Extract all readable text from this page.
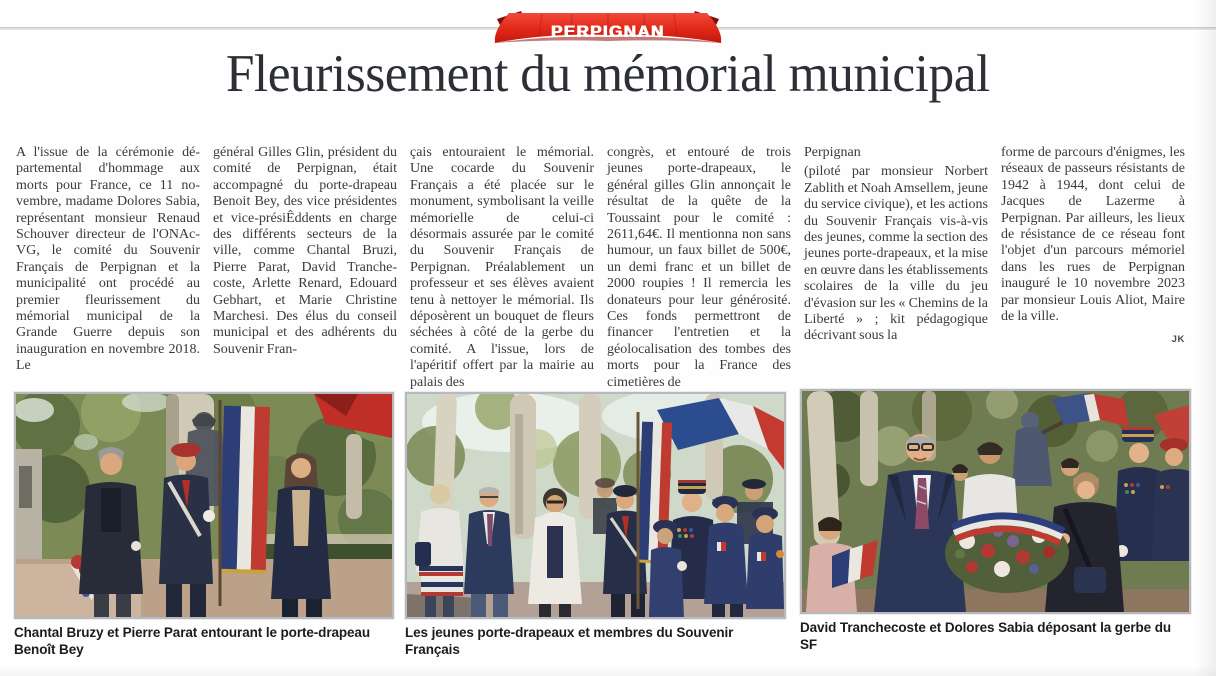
PERPIGNAN
Fleurissement du mémorial municipal

A l'issue de la cérémonie départemental d'hommage aux morts pour France, ce 11 novembre, madame Dolores Sabia, représentant monsieur Renaud Schouver directeur de l'ONAc-VG, le comité du Souvenir Français de Perpignan et la municipalité ont procédé au premier fleurissement du mémorial municipal de la Grande Guerre depuis son inauguration en novembre 2018. Le

général Gilles Glin, président du comité de Perpignan, était accompagné du porte-drapeau Benoit Bey, des vice présidentes et vice-présiÊddents en charge des différents secteurs de la ville, comme Chantal Bruzi, Pierre Parat, David Tranchecoste, Arlette Renard, Edouard Gebhart, et Marie Christine Marchesi. Des élus du conseil municipal et des adhérents du Souvenir Fran-

çais entouraient le mémorial. Une cocarde du Souvenir Français a été placée sur le monument, symbolisant la veille mémorielle de celui-ci désormais assurée par le comité du Souvenir Français de Perpignan. Préalablement un professeur et ses élèves avaient tenu à nettoyer le mémorial. Ils déposèrent un bouquet de fleurs séchées à côté de la gerbe du comité. A l'issue, lors de l'apéritif offert par la mairie au palais des

congrès, et entouré de trois jeunes porte-drapeaux, le général gilles Glin annonçait le résultat de la quête de la Toussaint pour le comité : 2611,64€. Il mentionna non sans humour, un faux billet de 500€, un demi franc et un billet de 2000 roupies ! Il remercia les donateurs pour leur générosité. Ces fonds permettront de financer l'entretien et la géolocalisation des tombes des morts pour la France des cimetières de

Perpignan

(piloté par monsieur Norbert Zablith et Noah Amsellem, jeune du service civique), et les actions du Souvenir Français vis-à-vis des jeunes, comme la section des jeunes porte-drapeaux, et la mise en œuvre dans les établissements scolaires de la ville du jeu d'évasion sur les « Chemins de la Liberté » ; kit pédagogique décrivant sous la

forme de parcours d'énigmes, les réseaux de passeurs résistants de 1942 à 1944, dont celui de Jacques de Lazerme à Perpignan. Par ailleurs, les lieux de résistance de ce réseau font l'objet d'un parcours mémoriel dans les rues de Perpignan inauguré le 10 novembre 2023 par monsieur Louis Aliot, Maire de la ville.

JK
Chantal Bruzy et Pierre Parat entourant le porte-drapeau Benoît Bey
Les jeunes porte-drapeaux et membres du Souvenir Français
David Tranchecoste et Dolores Sabia déposant la gerbe du SF
